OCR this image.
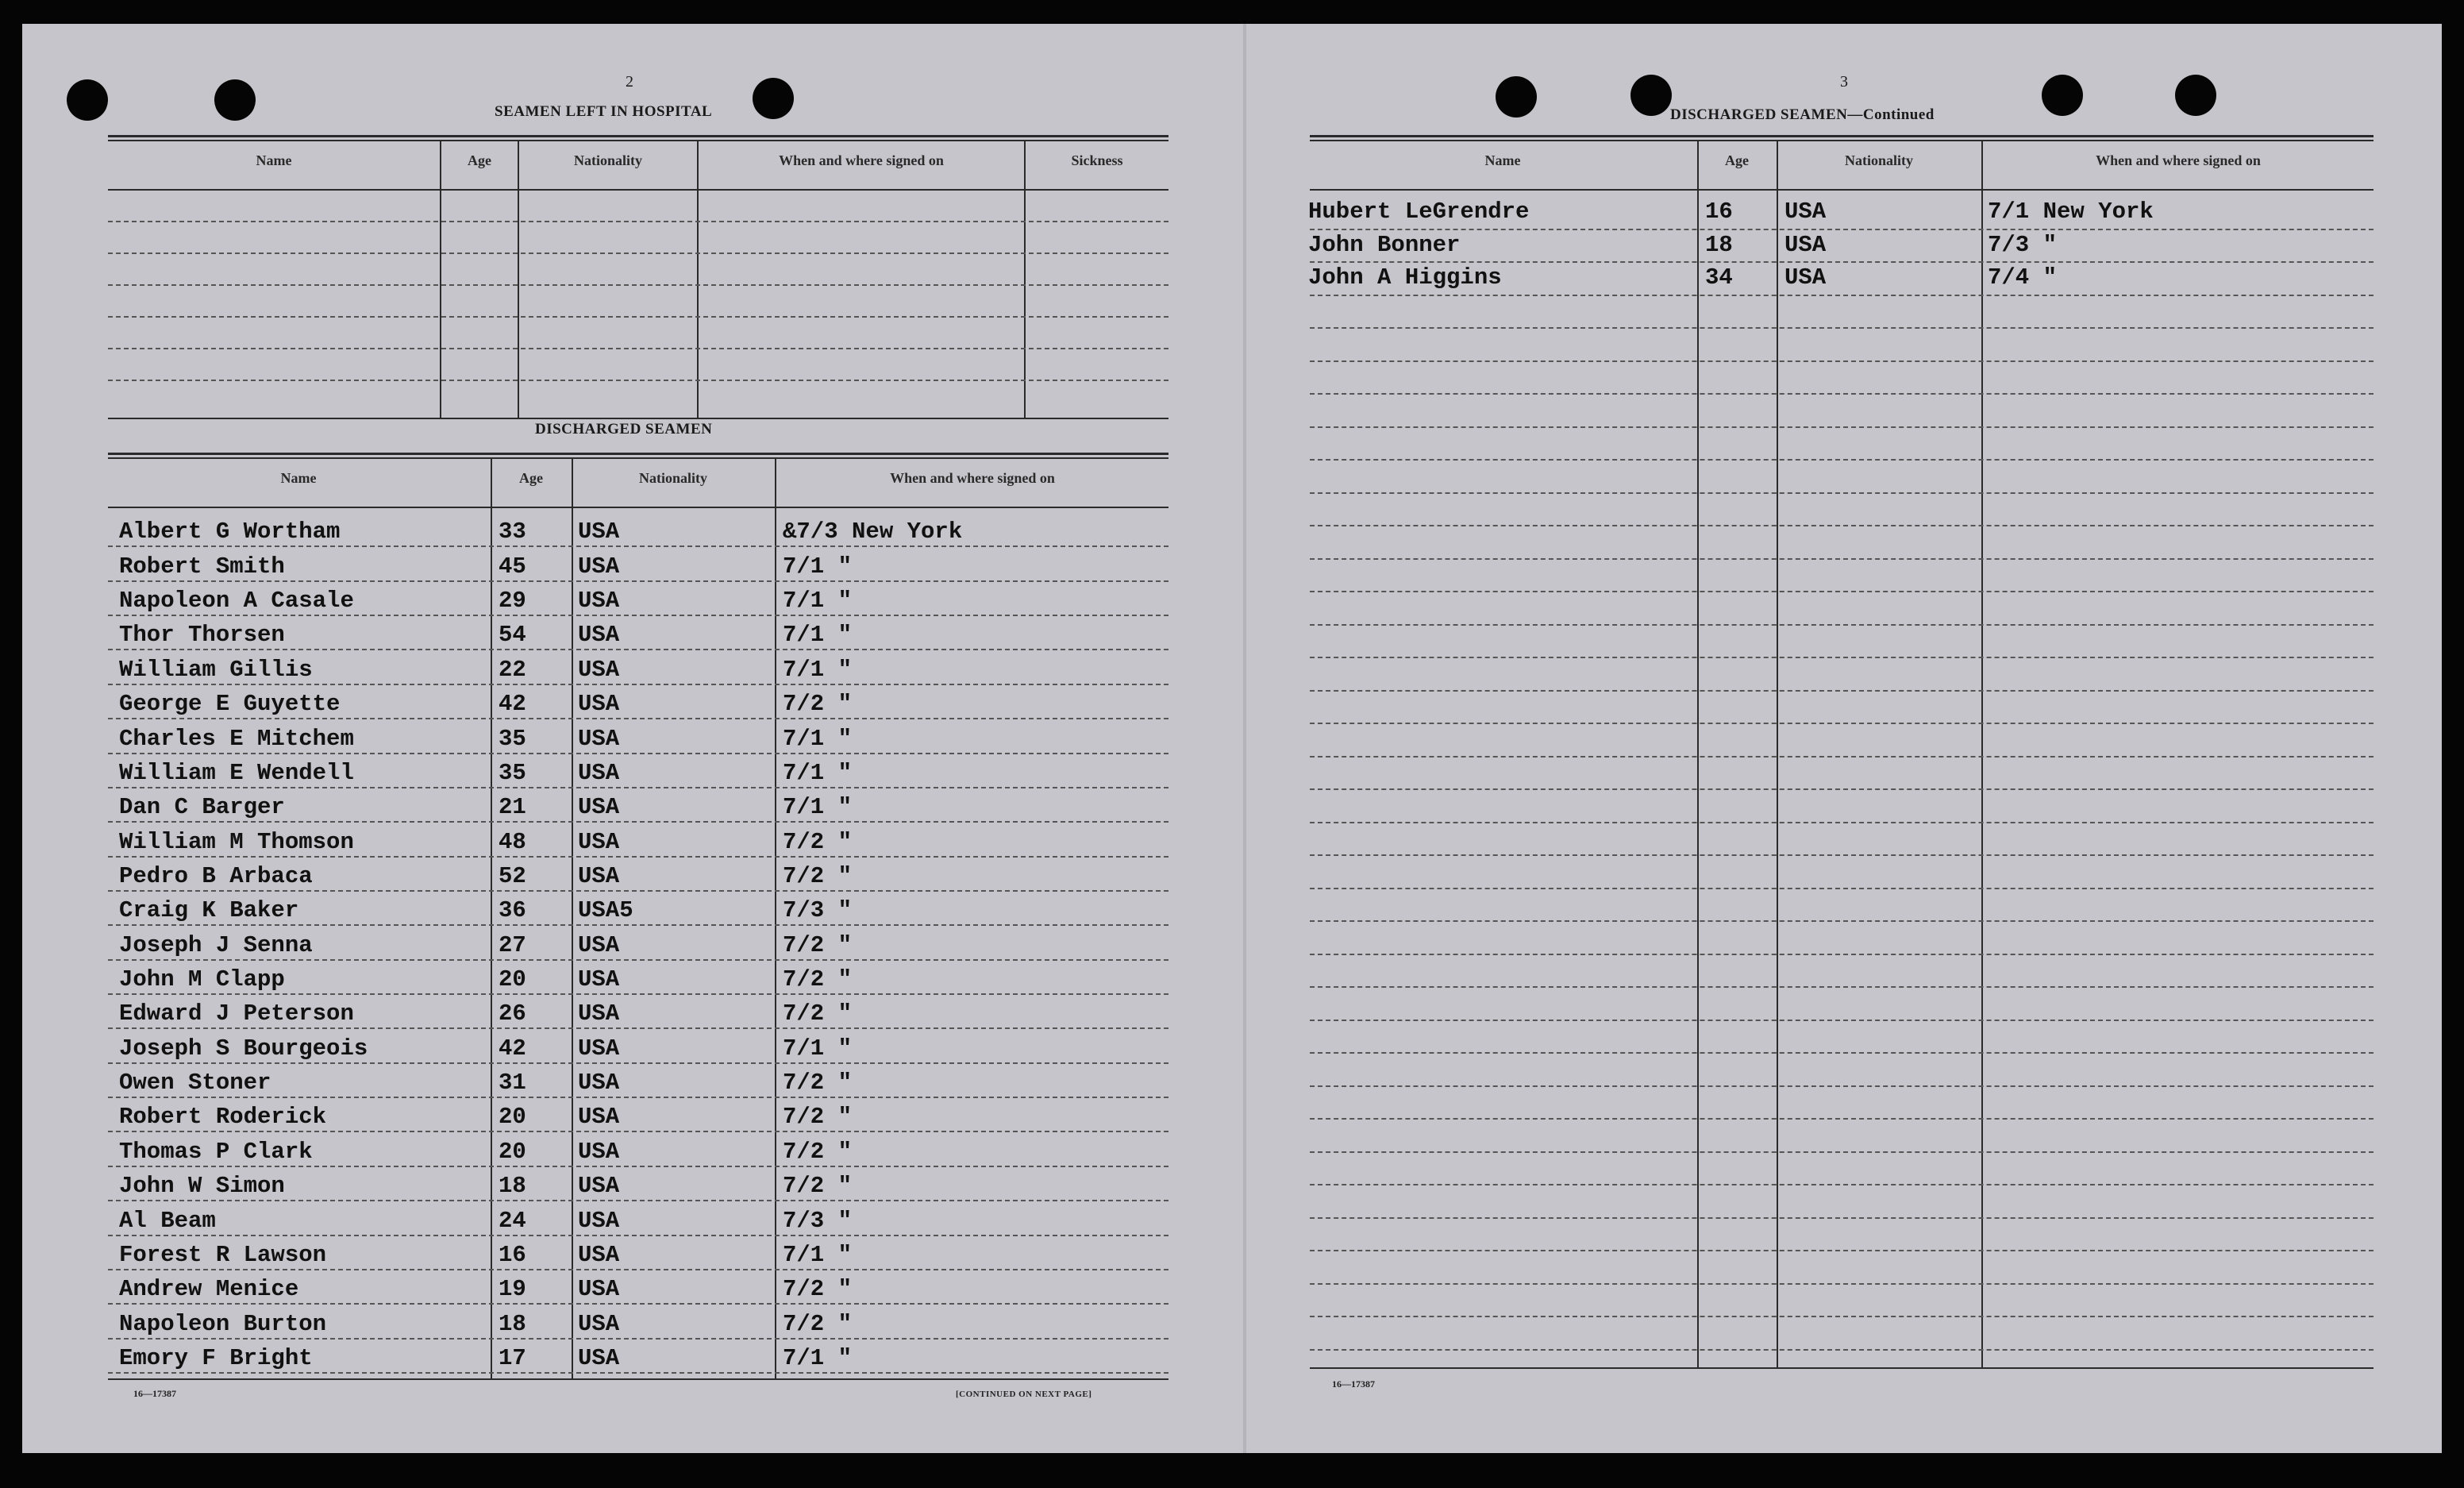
2
SEAMEN LEFT IN HOSPITAL
Name	Age	Nationality	When and where signed on	Sickness
DISCHARGED SEAMEN
Name	Age	Nationality	When and where signed on
Albert G Wortham	33 USA	&7/3 New York
Robert Smith	45 USA	7/1 "
Napoleon A Casale	29 USA	7/1 "
Thor Thorsen	54 USA	7/1 "
William Gillis	22 USA	7/1 "
George E Guyette	42 USA	7/2 "
Charles E Mitchem	35 USA	7/1 "
William E Wendell	35 USA	7/1 "
Dan C Barger	21 USA	7/1 "
William M Thomson	48 USA	7/2 "
Pedro B Arbaca	52 USA	7/2 "
Craig K Baker	36 USA5	7/3 "
Joseph J Senna	27 USA	7/2 "
John M Clapp	20 USA	7/2 "
Edward J Peterson	26 USA	7/2 "
Joseph S Bourgeois	42 USA	7/1 "
Owen Stoner	31 USA	7/2 "
Robert Roderick	20 USA	7/2 "
Thomas P Clark	20 USA	7/2 "
John W Simon	18 USA	7/2 "
Al Beam	24 USA	7/3 "
Forest R Lawson	16 USA	7/1 "
Andrew Menice	19 USA	7/2 "
Napoleon Burton	18 USA	7/2 "
Emory F Bright	17 USA	7/1 "
16—17387	[CONTINUED ON NEXT PAGE]
3
DISCHARGED SEAMEN—Continued
Name	Age	Nationality	When and where signed on
Hubert LeGrendre	16 USA	7/1 New York
John Bonner	18 USA	7/3 "
John A Higgins	34 USA	7/4 "
16—17387
